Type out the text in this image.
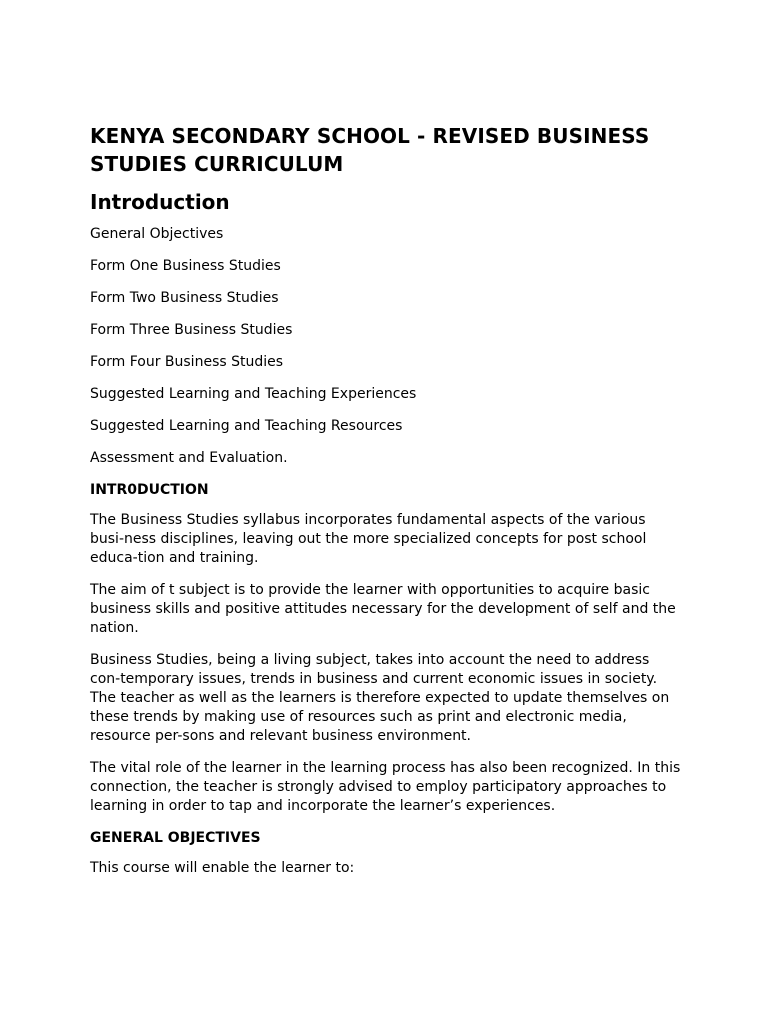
KENYA SECONDARY SCHOOL - REVISED BUSINESS STUDIES CURRICULUM
Introduction
General Objectives
Form One Business Studies
Form Two Business Studies
Form Three Business Studies
Form Four Business Studies
Suggested Learning and Teaching Experiences
Suggested Learning and Teaching Resources
Assessment and Evaluation.
INTR0DUCTION

The Business Studies syllabus incorporates fundamental aspects of the various busi-ness disciplines, leaving out the more specialized concepts for post school educa-tion and training.

The aim of t subject is to provide the learner with opportunities to acquire basic business skills and positive attitudes necessary for the development of self and the nation.

Business Studies, being a living subject, takes into account the need to address con-temporary issues, trends in business and current economic issues in society. The teacher as well as the learners is therefore expected to update themselves on these trends by making use of resources such as print and electronic media, resource per-sons and relevant business environment.

The vital role of the learner in the learning process has also been recognized. In this connection, the teacher is strongly advised to employ participatory approaches to learning in order to tap and incorporate the learner’s experiences.

GENERAL OBJECTIVES

This course will enable the learner to:
